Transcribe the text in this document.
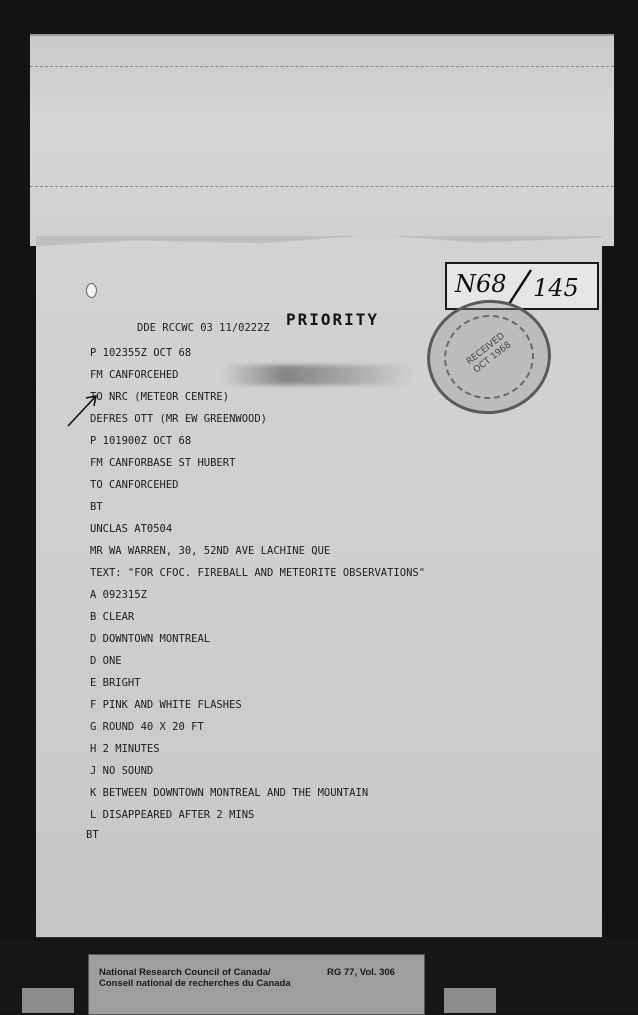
N68 145
RECEIVED OCT 1968
PRIORITY
DDE RCCWC 03 11/0222Z
P 102355Z OCT 68
FM CANFORCEHED
TO NRC (METEOR CENTRE)
DEFRES OTT (MR EW GREENWOOD)
P 101900Z OCT 68
FM CANFORBASE ST HUBERT
TO CANFORCEHED
BT
UNCLAS AT0504
MR WA WARREN, 30, 52ND AVE LACHINE QUE
TEXT: "FOR CFOC. FIREBALL AND METEORITE OBSERVATIONS"
A 092315Z
B CLEAR
D DOWNTOWN MONTREAL
D ONE
E BRIGHT
F PINK AND WHITE FLASHES
G ROUND 40 X 20 FT
H 2 MINUTES
J NO SOUND
K BETWEEN DOWNTOWN MONTREAL AND THE MOUNTAIN
L DISAPPEARED AFTER 2 MINS
BT
National Research Council of Canada/
Conseil national de recherches du Canada
RG 77, Vol. 306
